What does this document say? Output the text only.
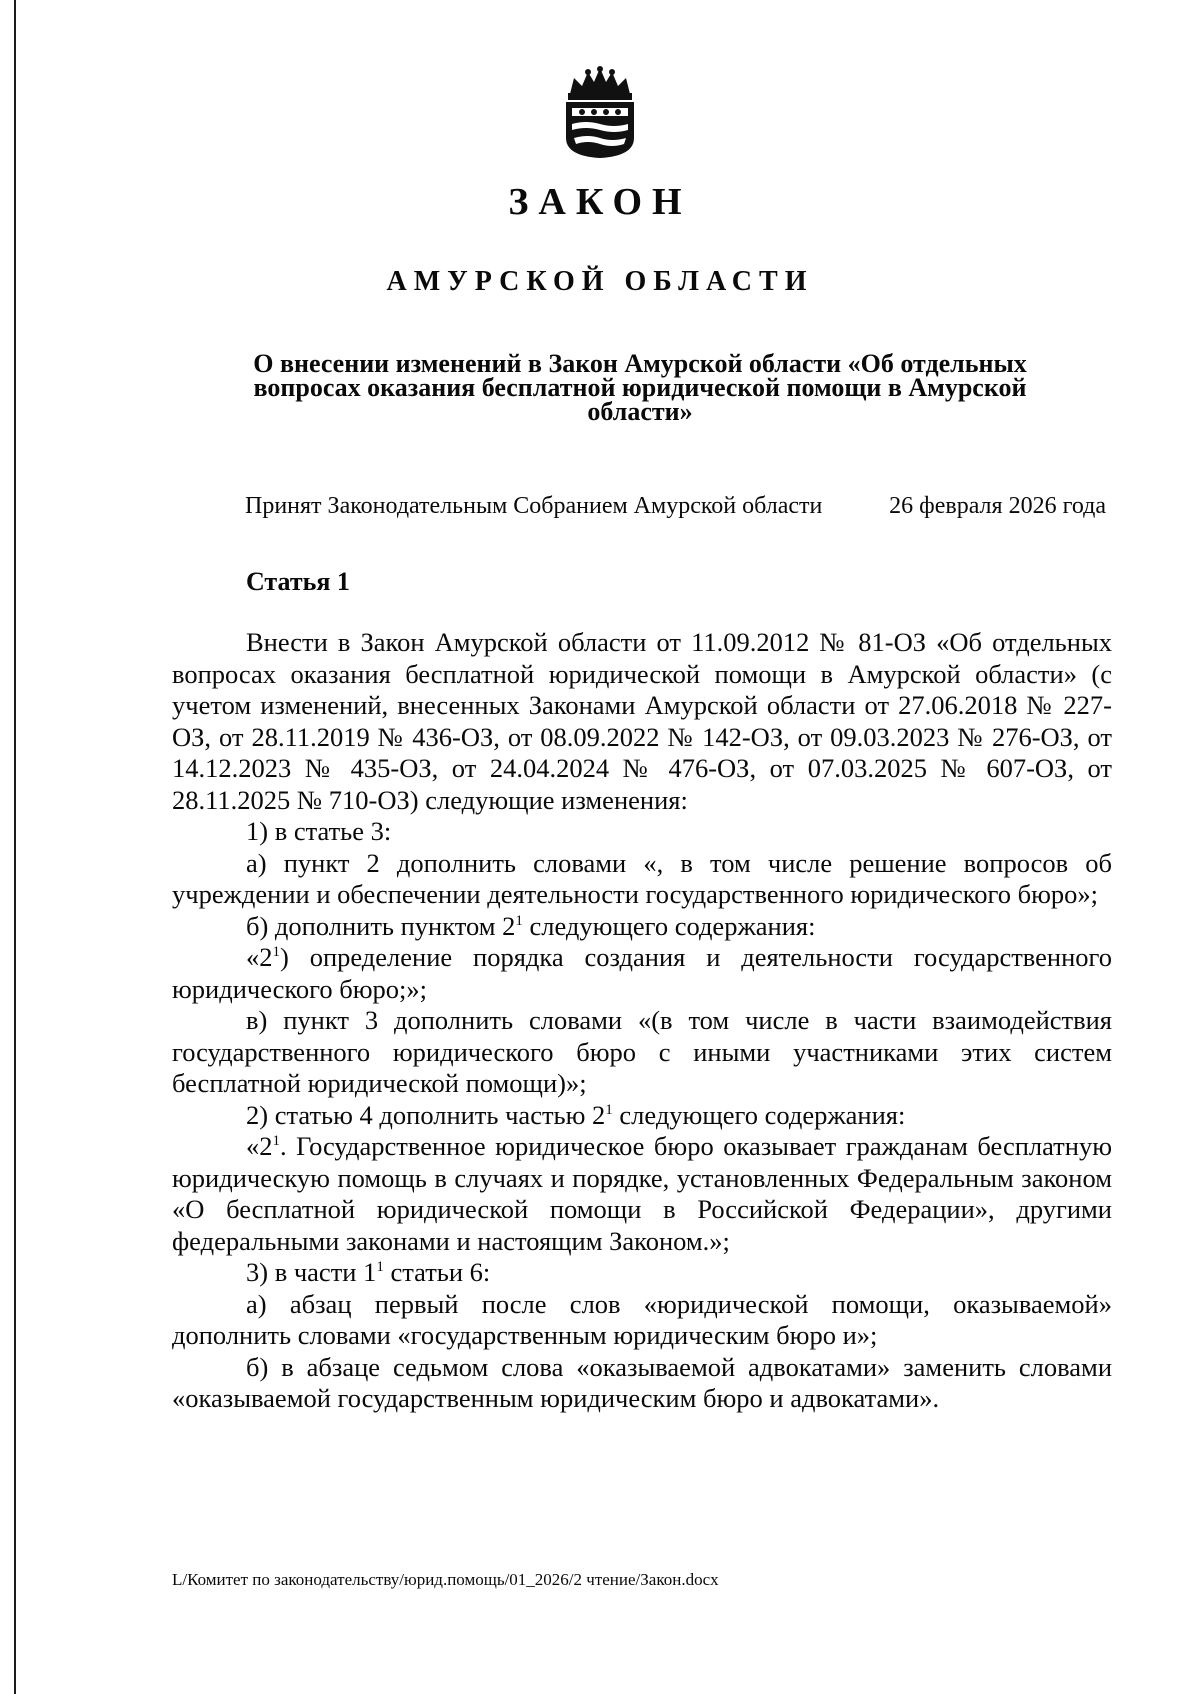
ЗАКОН
АМУРСКОЙ ОБЛАСТИ
О внесении изменений в Закон Амурской области «Об отдельных
вопросах оказания бесплатной юридической помощи в Амурской
области»
Принят Законодательным Собранием Амурской области	26 февраля 2026 года
Статья 1

Внести в Закон Амурской области от 11.09.2012 № 81-ОЗ «Об отдельных вопросах оказания бесплатной юридической помощи в Амурской области» (с учетом изменений, внесенных Законами Амурской области от 27.06.2018 № 227-ОЗ, от 28.11.2019 № 436-ОЗ, от 08.09.2022 № 142-ОЗ, от 09.03.2023 № 276-ОЗ, от 14.12.2023 № 435-ОЗ, от 24.04.2024 № 476-ОЗ, от 07.03.2025 № 607-ОЗ, от 28.11.2025 № 710-ОЗ) следующие изменения:

1) в статье 3:

а) пункт 2 дополнить словами «, в том числе решение вопросов об учреждении и обеспечении деятельности государственного юридического бюро»;

б) дополнить пунктом $2^1$ следующего содержания:

«$2^1$) определение порядка создания и деятельности государственного юридического бюро;»;

в) пункт 3 дополнить словами «(в том числе в части взаимодействия государственного юридического бюро с иными участниками этих систем бесплатной юридической помощи)»;

2) статью 4 дополнить частью $2^1$ следующего содержания:

«$2^1$. Государственное юридическое бюро оказывает гражданам бесплатную юридическую помощь в случаях и порядке, установленных Федеральным законом «О бесплатной юридической помощи в Российской Федерации», другими федеральными законами и настоящим Законом.»;

3) в части $1^1$ статьи 6:

а) абзац первый после слов «юридической помощи, оказываемой» дополнить словами «государственным юридическим бюро и»;

б) в абзаце седьмом слова «оказываемой адвокатами» заменить словами «оказываемой государственным юридическим бюро и адвокатами».

L/Комитет по законодательству/юрид.помощь/01_2026/2 чтение/Закон.docx
